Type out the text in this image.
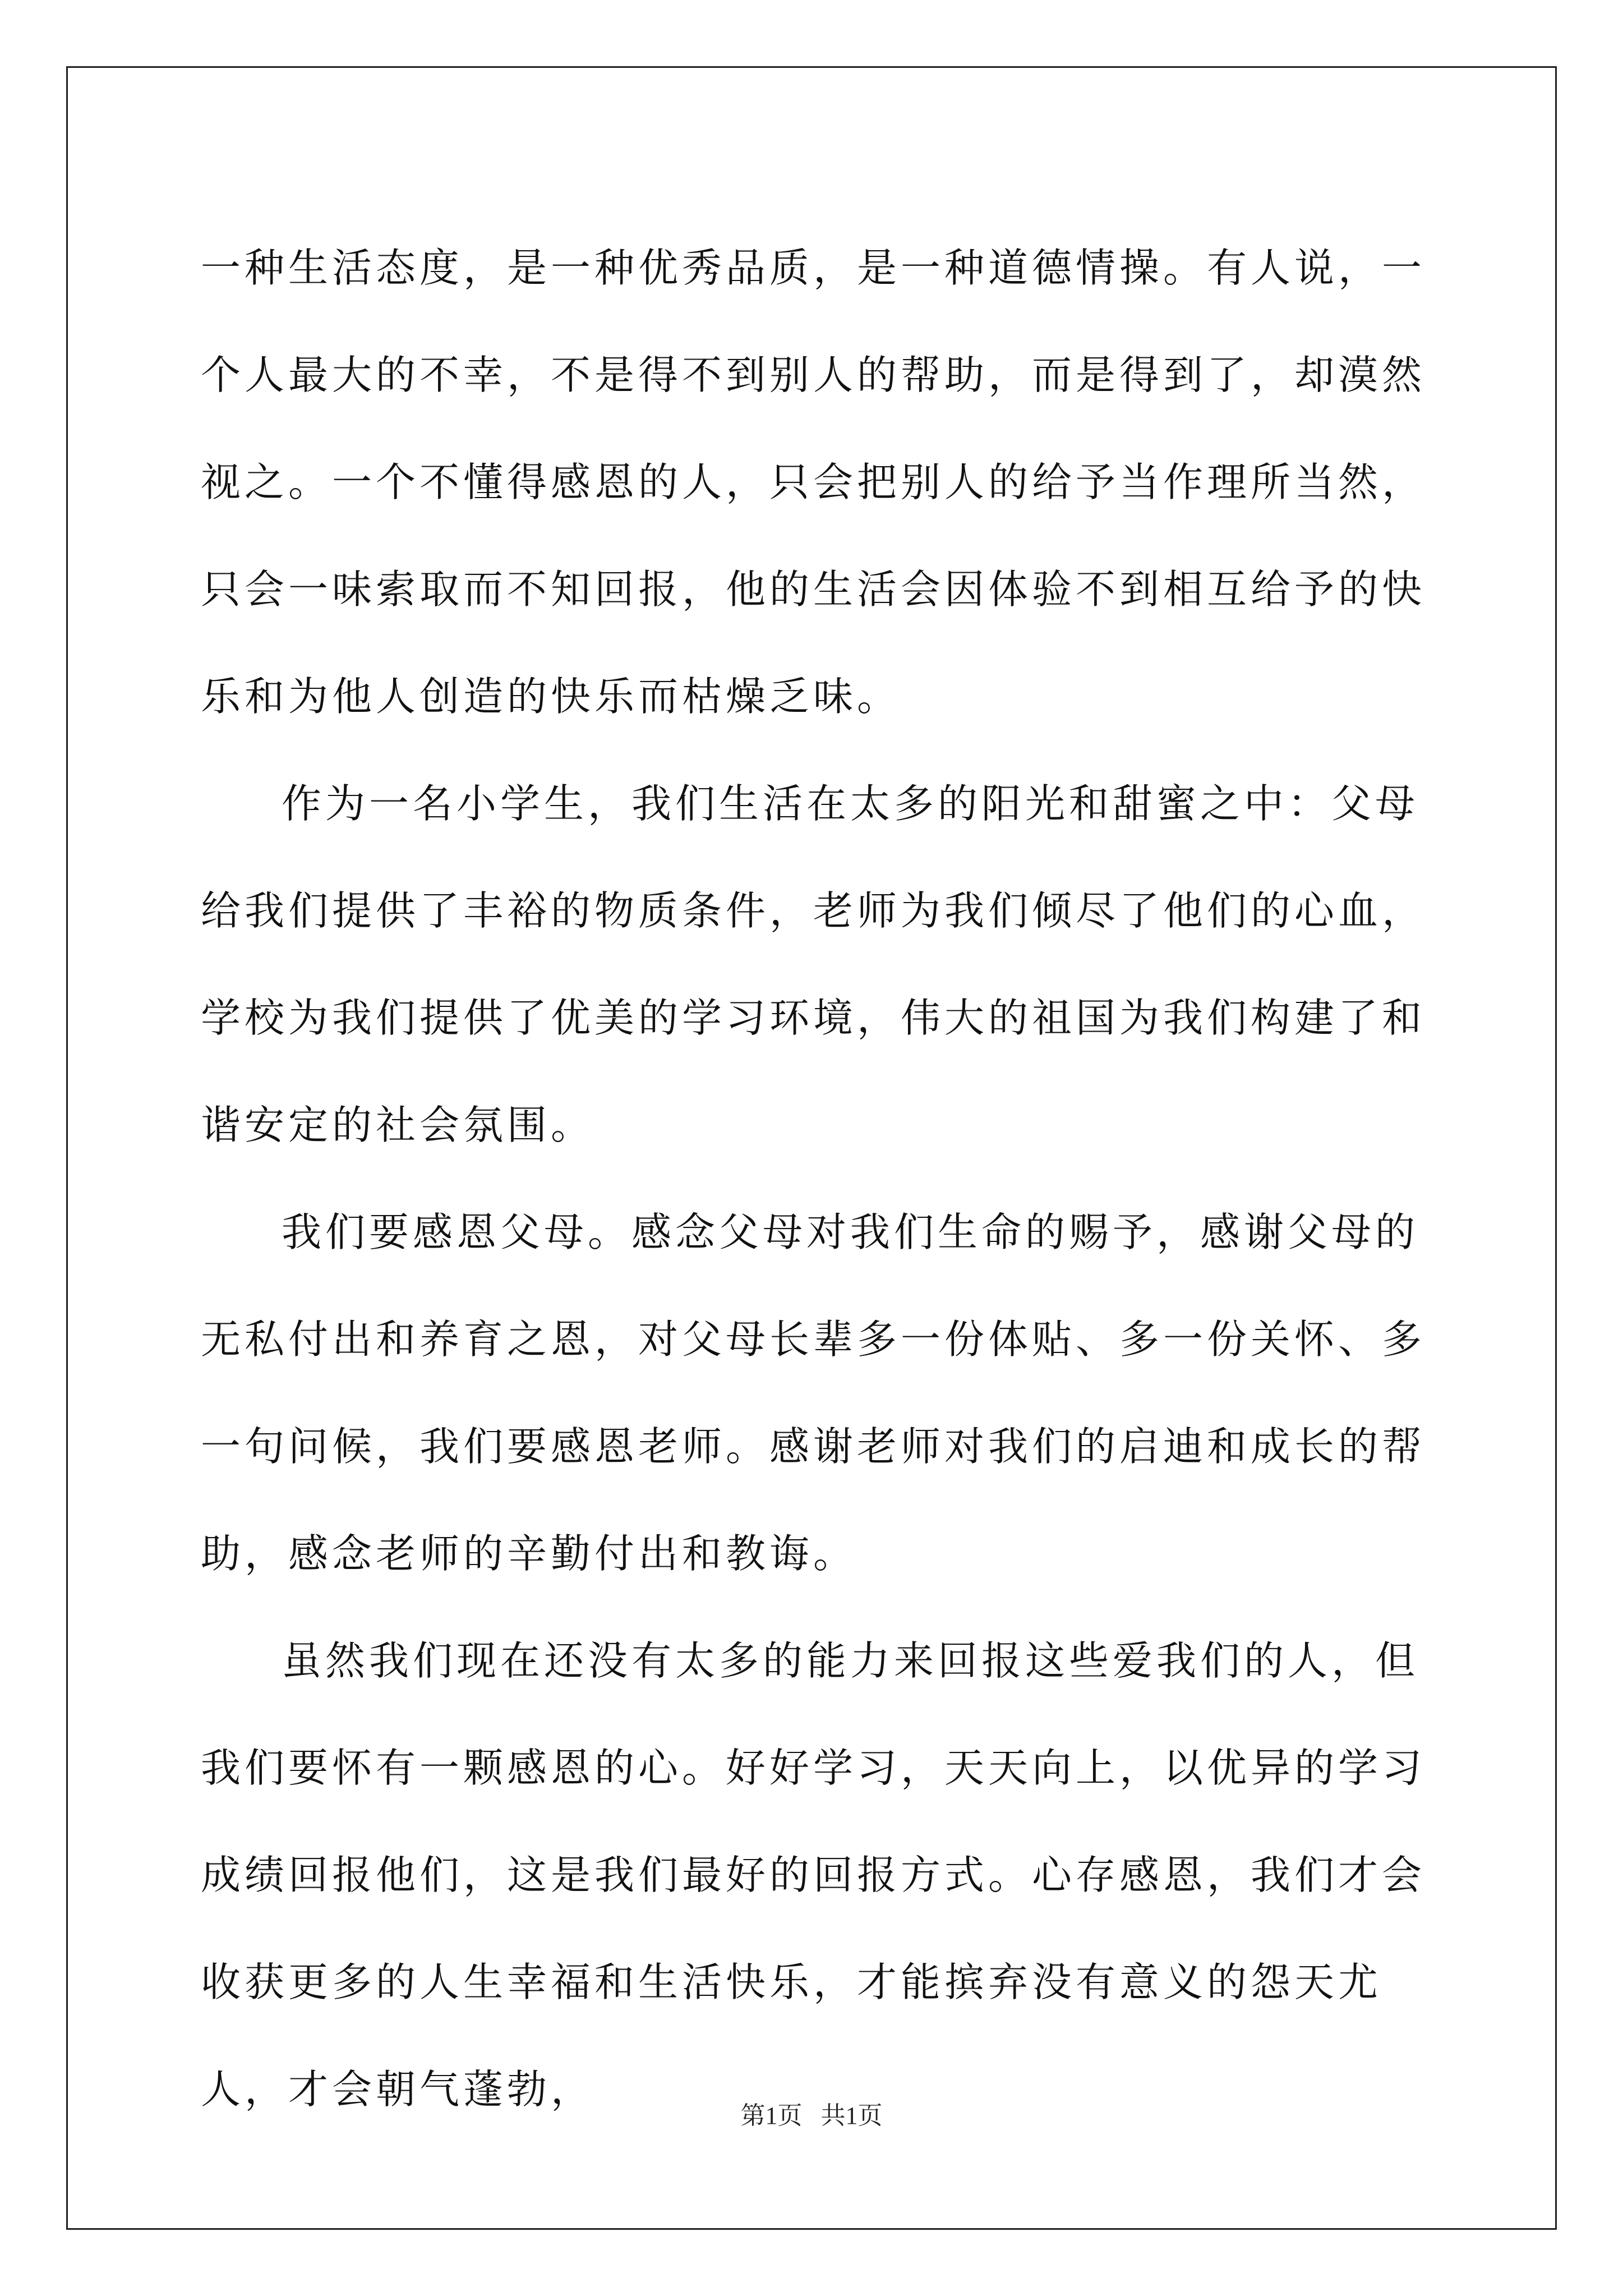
一种生活态度，是一种优秀品质，是一种道德情操。有人说，一个人最大的不幸，不是得不到别人的帮助，而是得到了，却漠然视之。一个不懂得感恩的人，只会把别人的给予当作理所当然，只会一味索取而不知回报，他的生活会因体验不到相互给予的快乐和为他人创造的快乐而枯燥乏味。

作为一名小学生，我们生活在太多的阳光和甜蜜之中：父母给我们提供了丰裕的物质条件，老师为我们倾尽了他们的心血，学校为我们提供了优美的学习环境，伟大的祖国为我们构建了和谐安定的社会氛围。

我们要感恩父母。感念父母对我们生命的赐予，感谢父母的无私付出和养育之恩，对父母长辈多一份体贴、多一份关怀、多一句问候，我们要感恩老师。感谢老师对我们的启迪和成长的帮助，感念老师的辛勤付出和教诲。

虽然我们现在还没有太多的能力来回报这些爱我们的人，但我们要怀有一颗感恩的心。好好学习，天天向上，以优异的学习成绩回报他们，这是我们最好的回报方式。心存感恩，我们才会收获更多的人生幸福和生活快乐，才能摈弃没有意义的怨天尤人，才会朝气蓬勃，

第1页   共1页
